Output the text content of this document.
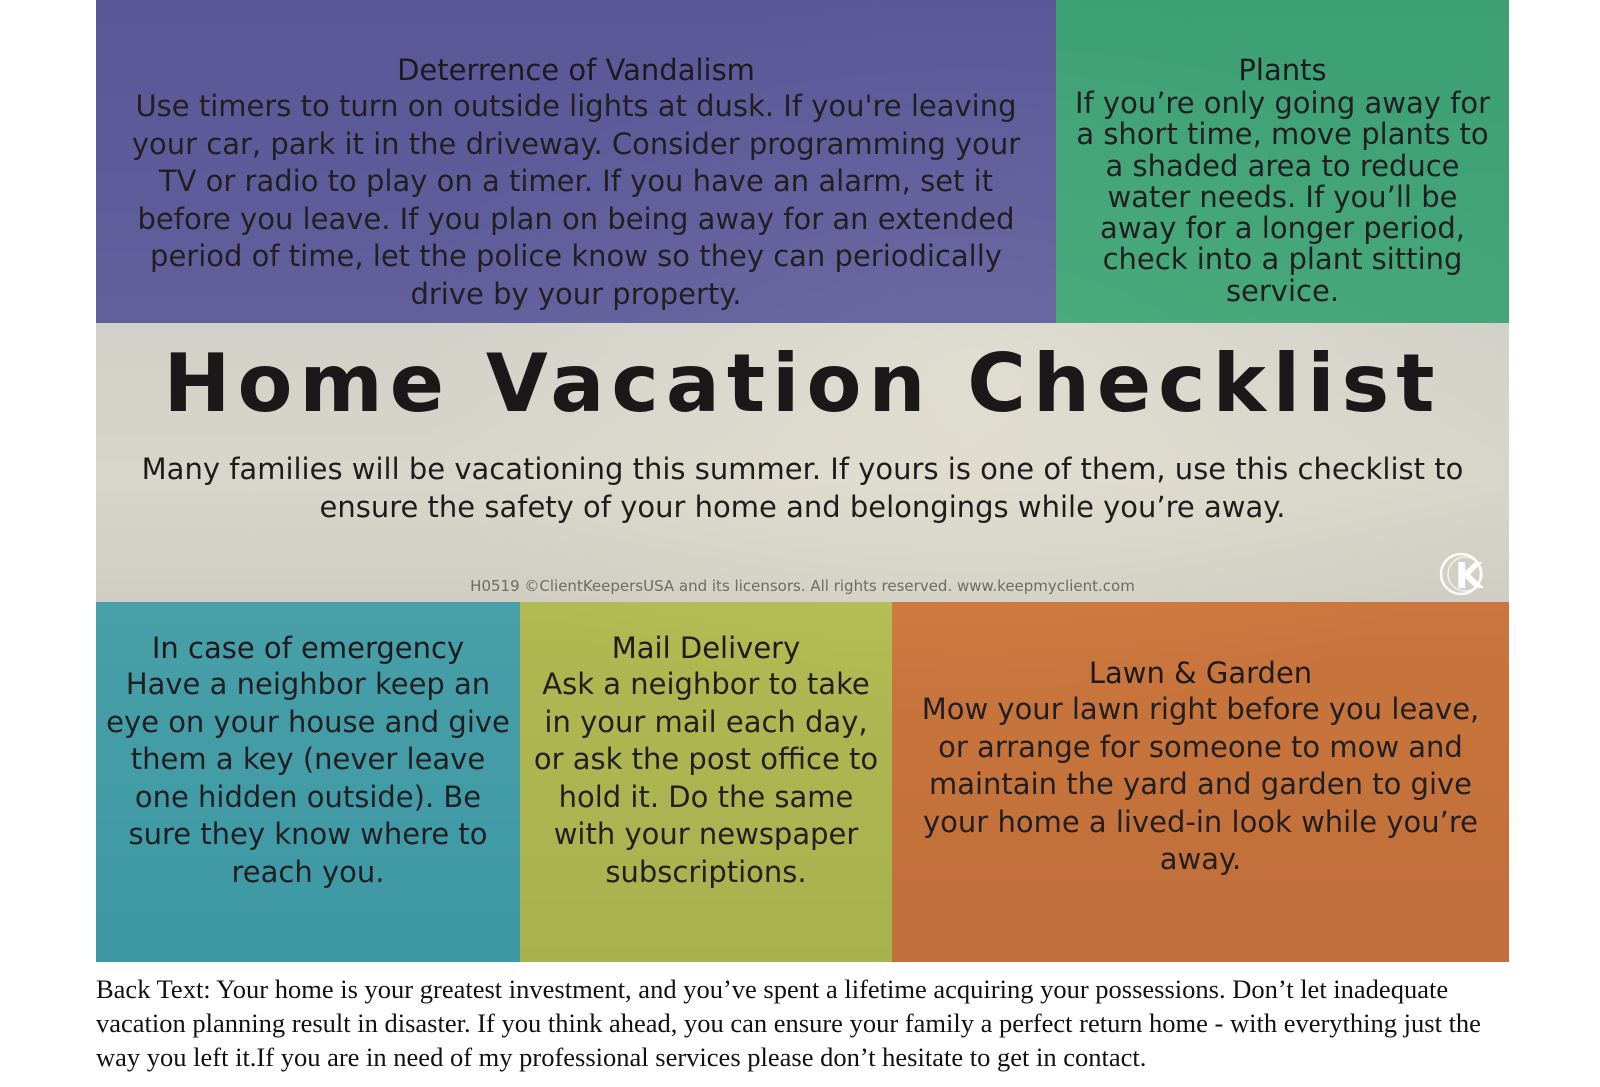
Deterrence of Vandalism

Use timers to turn on outside lights at dusk. If you're leaving your car, park it in the driveway. Consider programming your TV or radio to play on a timer. If you have an alarm, set it before you leave. If you plan on being away for an extended period of time, let the police know so they can periodically drive by your property.

Plants

If you’re only going away for a short time, move plants to a shaded area to reduce water needs. If you’ll be away for a longer period, check into a plant sitting service.

Home Vacation Checklist

Many families will be vacationing this summer. If yours is one of them, use this checklist to ensure the safety of your home and belongings while you’re away.

H0519 ©ClientKeepersUSA and its licensors. All rights reserved. www.keepmyclient.com	K
In case of emergency

Have a neighbor keep an eye on your house and give them a key (never leave one hidden outside). Be sure they know where to reach you.

Mail Delivery

Ask a neighbor to take in your mail each day, or ask the post office to hold it. Do the same with your newspaper subscriptions.

Lawn & Garden

Mow your lawn right before you leave, or arrange for someone to mow and maintain the yard and garden to give your home a lived-in look while you’re away.

Back Text: Your home is your greatest investment, and you’ve spent a lifetime acquiring your possessions. Don’t let inadequate vacation planning result in disaster. If you think ahead, you can ensure your family a perfect return home - with everything just the way you left it.If you are in need of my professional services please don’t hesitate to get in contact.
